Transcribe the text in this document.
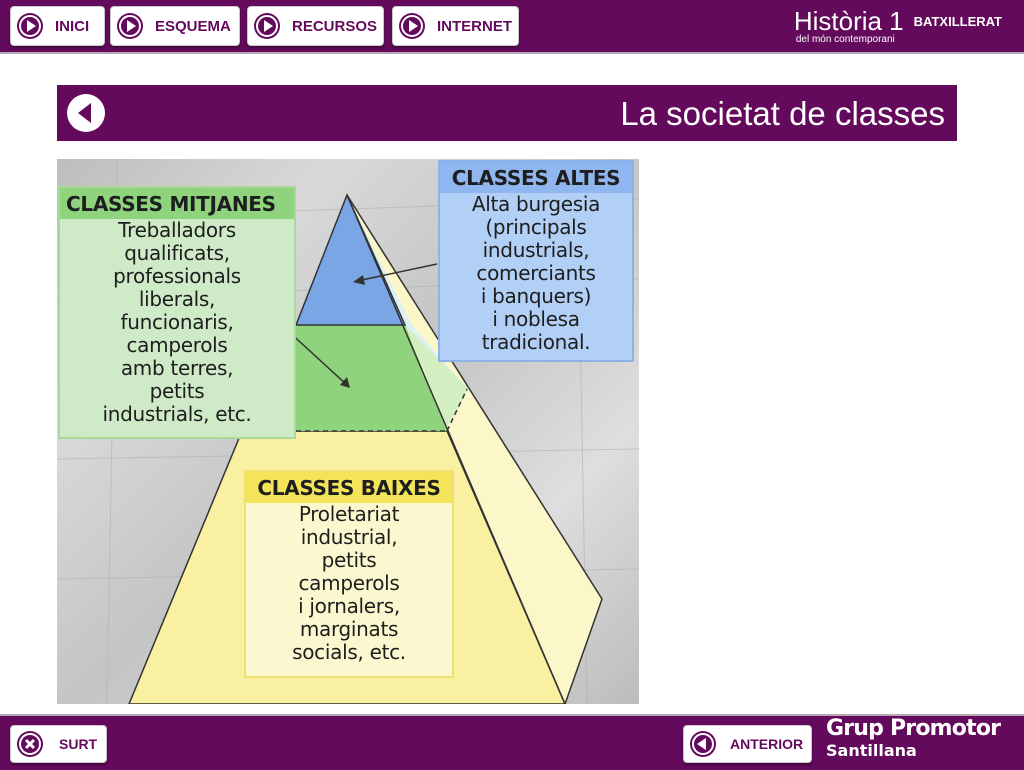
INICI	ESQUEMA	RECURSOS	INTERNET	Història 1 $^{BATXILLERAT}$
del món contemporani
La societat de classes
CLASSES ALTES
Alta burgesia
(principals
industrials,
comerciants
i banquers)
i noblesa
tradicional.
CLASSES MITJANES
Treballadors
qualificats,
professionals
liberals,
funcionaris,
camperols
amb terres,
petits
industrials, etc.
CLASSES BAIXES
Proletariat
industrial,
petits
camperols
i jornalers,
marginats
socials, etc.
SURT	ANTERIOR
Grup Promotor
Santillana
